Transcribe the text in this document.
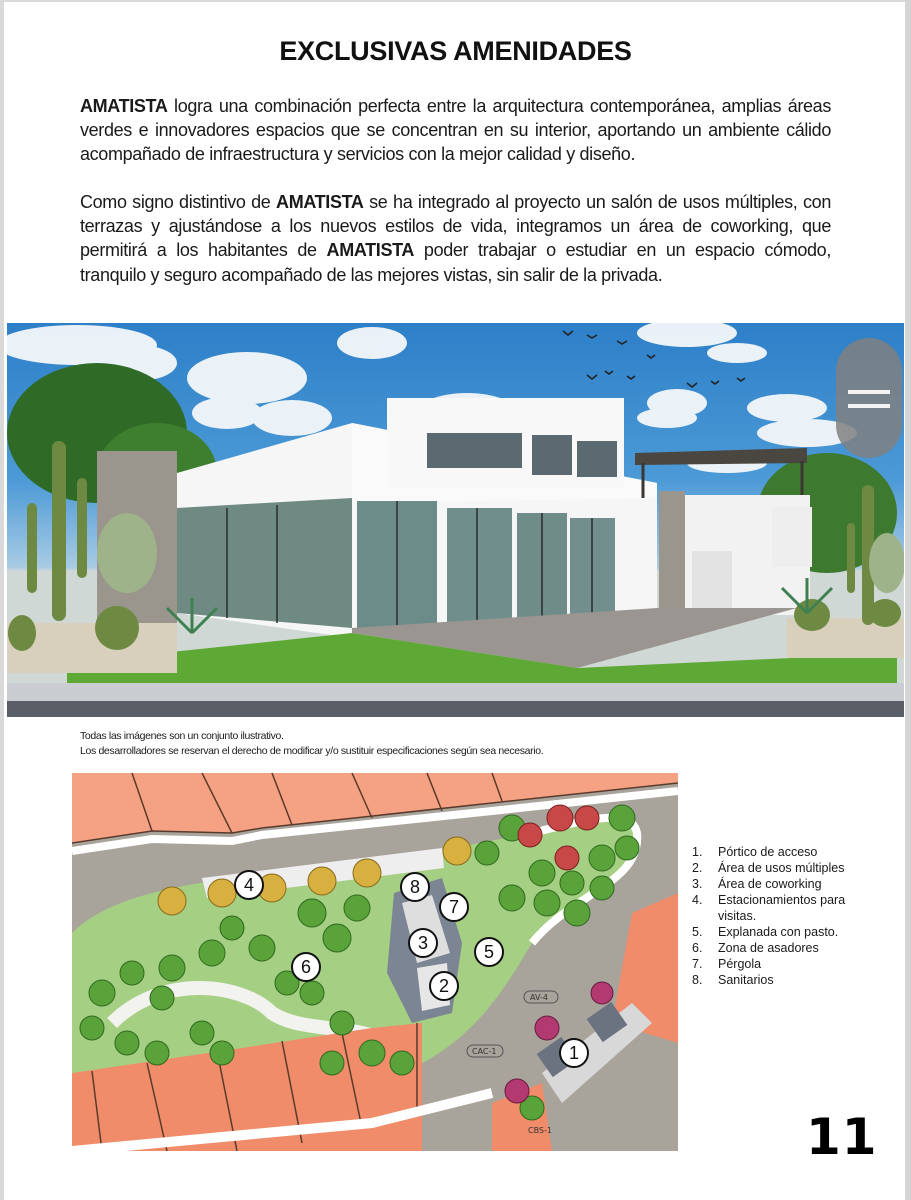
EXCLUSIVAS AMENIDADES

AMATISTA logra una combinación perfecta entre la arquitectura contemporánea, amplias áreas verdes e innovadores espacios que se concentran en su interior, aportando un ambiente cálido acompañado de infraestructura y servicios con la mejor calidad y diseño.

Como signo distintivo de AMATISTA se ha integrado al proyecto un salón de usos múltiples, con terrazas y ajustándose a los nuevos estilos de vida, integramos un área de coworking, que permitirá a los habitantes de AMATISTA poder trabajar o estudiar en un espacio cómodo, tranquilo y seguro acompañado de las mejores vistas, sin salir de la privada.

Todas las imágenes son un conjunto ilustrativo.
Los desarrolladores se reservan el derecho de modificar y/o sustituir especificaciones según sea necesario.
AV-4
CAC-1
CBS-1
1
2
3
4
5
6
7
8
1.	Pórtico de acceso
2.	Área de usos múltiples
3.	Área de coworking
4.	Estacionamientos para visitas.
5.	Explanada con pasto.
6.	Zona de asadores
7.	Pérgola
8.	Sanitarios
11
